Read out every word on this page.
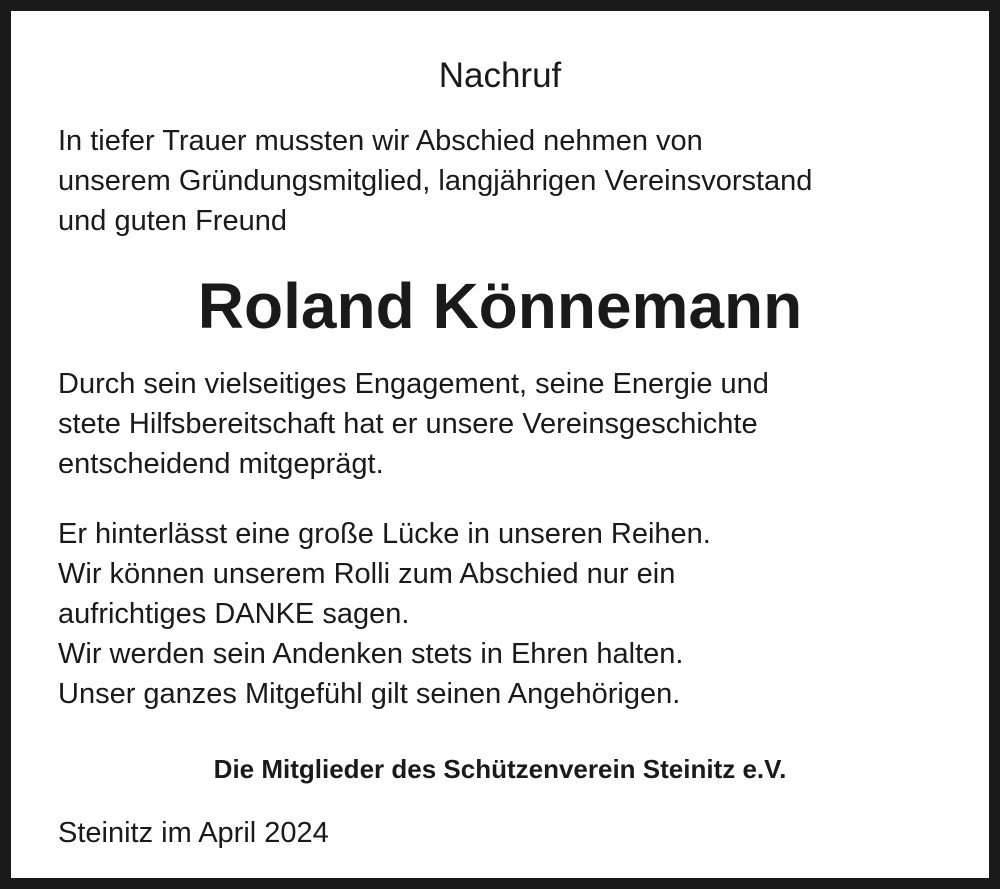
Nachruf
In tiefer Trauer mussten wir Abschied nehmen von
unserem Gründungsmitglied, langjährigen Vereinsvorstand
und guten Freund
Roland Könnemann
Durch sein vielseitiges Engagement, seine Energie und
stete Hilfsbereitschaft hat er unsere Vereinsgeschichte
entscheidend mitgeprägt.
Er hinterlässt eine große Lücke in unseren Reihen.
Wir können unserem Rolli zum Abschied nur ein
aufrichtiges DANKE sagen.
Wir werden sein Andenken stets in Ehren halten.
Unser ganzes Mitgefühl gilt seinen Angehörigen.
Die Mitglieder des Schützenverein Steinitz e.V.
Steinitz im April 2024
